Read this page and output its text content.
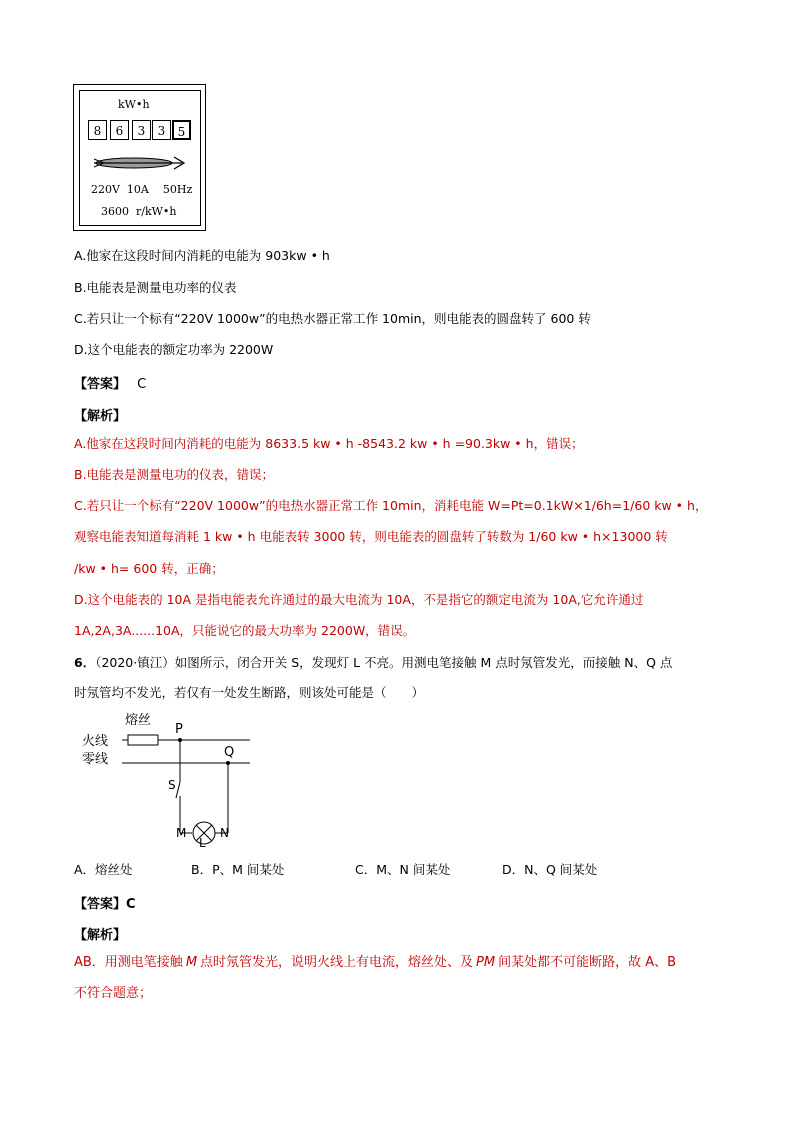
kW•h
8	6	3	3	5
220V  10A    50Hz
3600  r/kW•h
A.他家在这段时间内消耗的电能为 903kw • h
B.电能表是测量电功率的仪表
C.若只让一个标有“220V 1000w”的电热水器正常工作 10min，则电能表的圆盘转了 600 转
D.这个电能表的额定功率为 2200W
【答案】 C
【解析】
A.他家在这段时间内消耗的电能为 8633.5 kw • h -8543.2 kw • h =90.3kw • h，错误；
B.电能表是测量电功的仪表，错误；
C.若只让一个标有“220V 1000w”的电热水器正常工作 10min，消耗电能 W=Pt=0.1kW×1/6h=1/60 kw • h，
观察电能表知道每消耗 1 kw • h 电能表转 3000 转，则电能表的圆盘转了转数为 1/60 kw • h×13000 转
/kw • h= 600 转，正确；
D.这个电能表的 10A 是指电能表允许通过的最大电流为 10A，不是指它的额定电流为 10A,它允许通过
1A,2A,3A......10A，只能说它的最大功率为 2200W，错误。
6．（2020·镇江）如图所示，闭合开关 S，发现灯 L 不亮。用测电笔接触 M 点时氖管发光，而接触 N、Q 点
时氖管均不发光，若仅有一处发生断路，则该处可能是（　　）
熔丝
火线
零线
P
Q
S
M	N
L
A．熔丝处	B．P、M 间某处	C．M、N 间某处	D．N、Q 间某处
【答案】C
【解析】
AB．用测电笔接触 M 点时氖管发光，说明火线上有电流，熔丝处、及 PM 间某处都不可能断路，故 A、B
不符合题意；
